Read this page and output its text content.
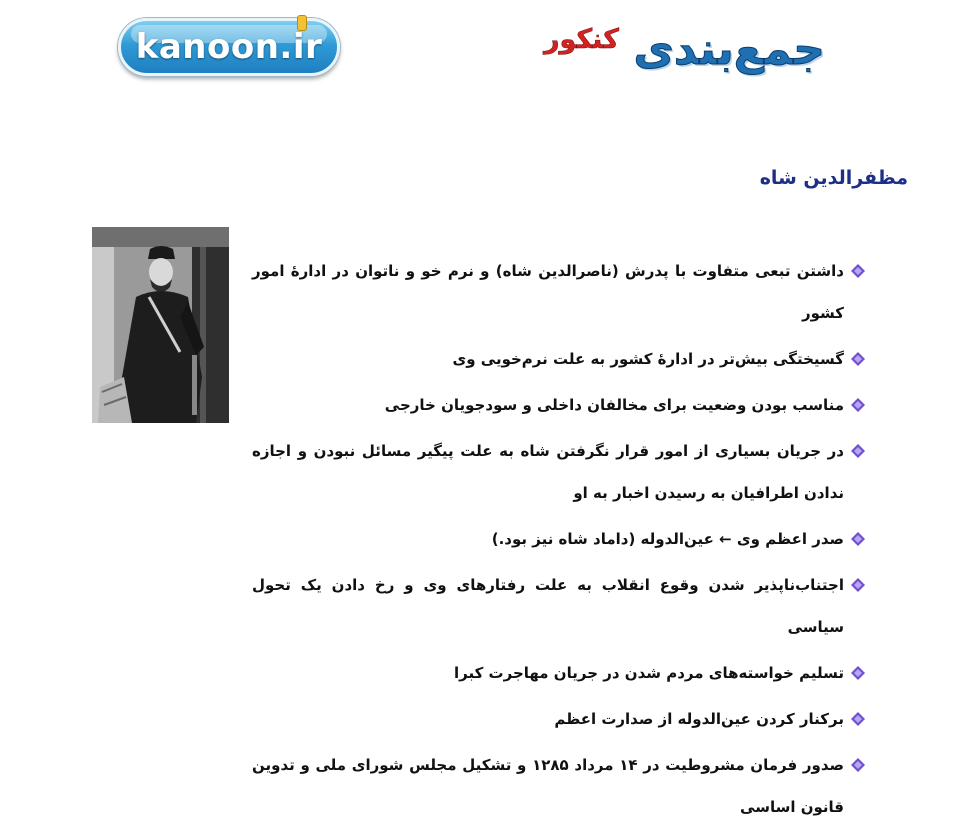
kanoon.ir	جمع‌بندی
کنکور
مظفرالدین شاه
داشتن تبعی متفاوت با پدرش (ناصرالدین شاه) و نرم خو و ناتوان در ادارهٔ امور کشور
گسیختگی بیش‌تر در ادارهٔ کشور به علت نرم‌خویی وی
مناسب بودن وضعیت برای مخالفان داخلی و سودجویان خارجی
در جریان بسیاری از امور قرار نگرفتن شاه به علت پیگیر مسائل نبودن و اجازه ندادن اطرافیان به رسیدن اخبار به او
صدر اعظم وی ← عین‌الدوله (داماد شاه نیز بود.)
اجتناب‌ناپذیر شدن وقوع انقلاب به علت رفتارهای وی و رخ دادن یک تحول سیاسی
تسلیم خواسته‌های مردم شدن در جریان مهاجرت کبرا
برکنار کردن عین‌الدوله از صدارت اعظم
صدور فرمان مشروطیت در ۱۴ مرداد ۱۲۸۵ و تشکیل مجلس شورای ملی و تدوین قانون اساسی
